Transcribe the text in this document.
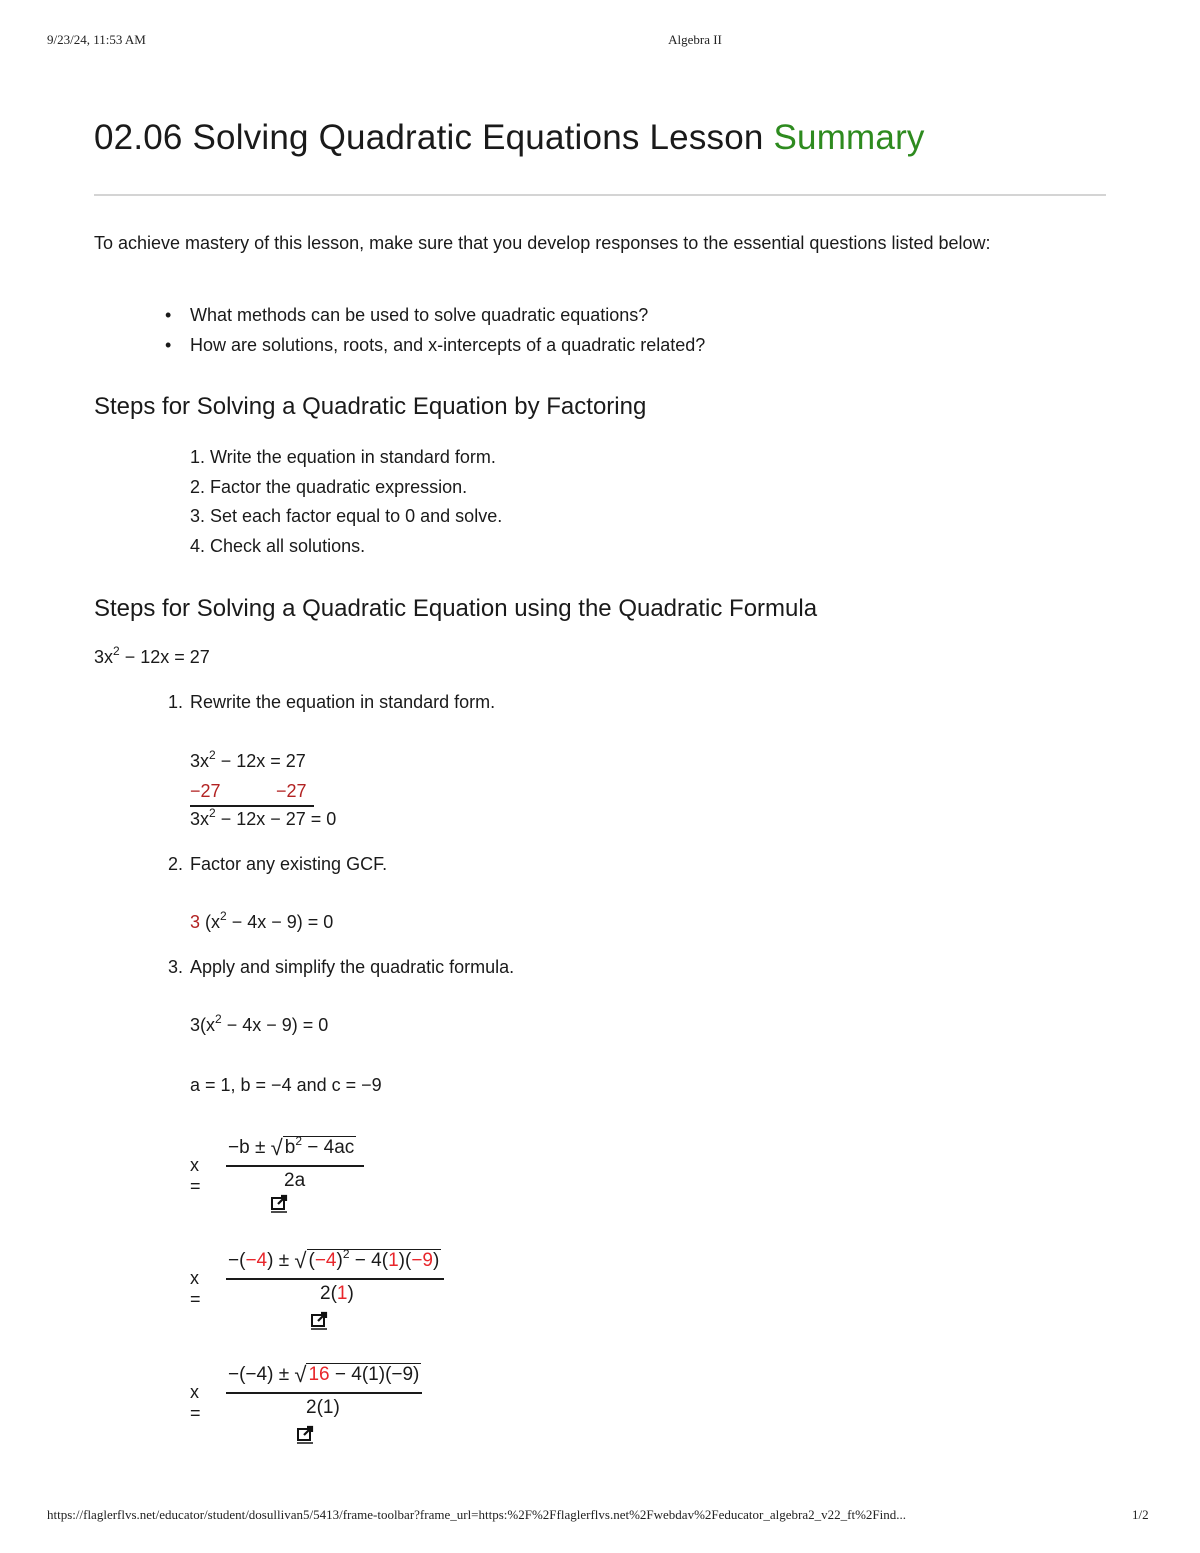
9/23/24, 11:53 AM	Algebra II
02.06 Solving Quadratic Equations Lesson Summary

To achieve mastery of this lesson, make sure that you develop responses to the essential questions listed below:

• What methods can be used to solve quadratic equations?
• How are solutions, roots, and x-intercepts of a quadratic related?
Steps for Solving a Quadratic Equation by Factoring
1. Write the equation in standard form.
2. Factor the quadratic expression.
3. Set each factor equal to 0 and solve.
4. Check all solutions.
Steps for Solving a Quadratic Equation using the Quadratic Formula
$3x^2 - 12x = 27$
1. Rewrite the equation in standard form.
$3x^2 - 12x = 27$
−27	−27
$3x^2 - 12x - 27 = 0$
2. Factor any existing GCF.
3 $(x^2 - 4x - 9) = 0$
3. Apply and simplify the quadratic formula.
$3(x^2 - 4x - 9) = 0$
a = 1, b = −4 and c = −9
x =
−b ± √ $b^2 - 4ac$
2a
x =
−(−4) ± √ $(-4)^2 - 4(1)(-9)$
2(1)
x =
−(−4) ± √ 16 − 4(1)(−9)
2(1)
https://flaglerflvs.net/educator/student/dosullivan5/5413/frame-toolbar?frame_url=https:%2F%2Fflaglerflvs.net%2Fwebdav%2Feducator_algebra2_v22_ft%2Find...	1/2
